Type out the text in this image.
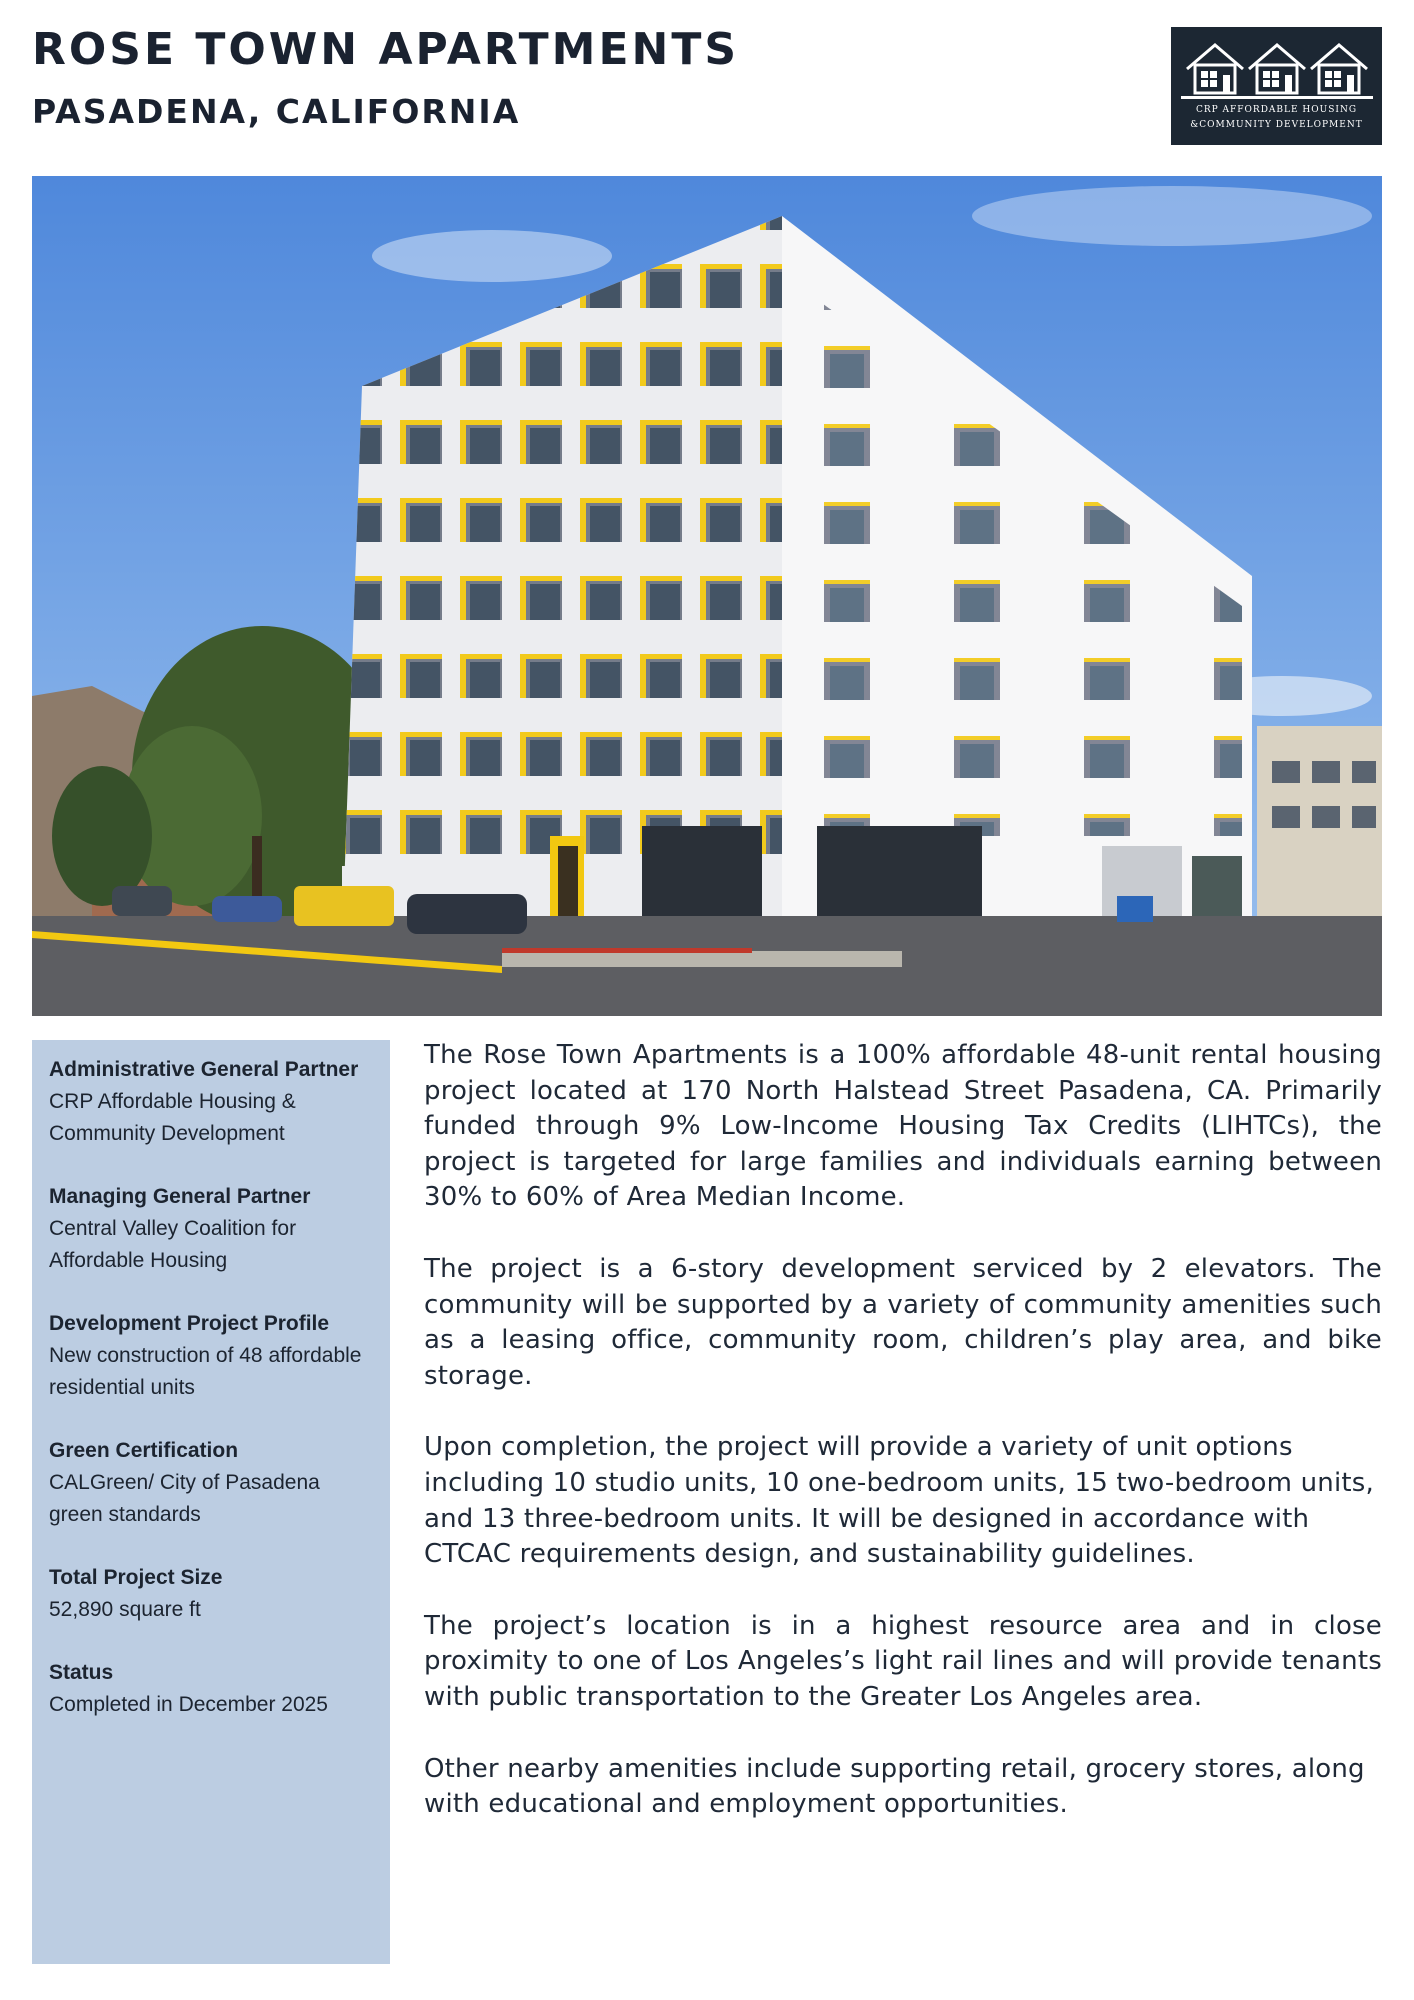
ROSE TOWN APARTMENTS
PASADENA, CALIFORNIA	CRP AFFORDABLE HOUSING
&COMMUNITY DEVELOPMENT
Administrative General Partner
CRP Affordable Housing & Community Development
Managing General Partner
Central Valley Coalition for Affordable Housing
Development Project Profile
New construction of 48 affordable residential units
Green Certification
CALGreen/ City of Pasadena green standards
Total Project Size
52,890 square ft
Status
Completed in December 2025

The Rose Town Apartments is a 100% affordable 48-unit rental housing project located at 170 North Halstead Street Pasadena, CA. Primarily funded through 9% Low-Income Housing Tax Credits (LIHTCs), the project is targeted for large families and individuals earning between 30% to 60% of Area Median Income.

The project is a 6-story development serviced by 2 elevators. The community will be supported by a variety of community amenities such as a leasing office, community room, children’s play area, and bike storage.

Upon completion, the project will provide a variety of unit options including 10 studio units, 10 one-bedroom units, 15 two-bedroom units, and 13 three-bedroom units. It will be designed in accordance with CTCAC requirements design, and sustainability guidelines.

The project’s location is in a highest resource area and in close proximity to one of Los Angeles’s light rail lines and will provide tenants with public transportation to the Greater Los Angeles area.

Other nearby amenities include supporting retail, grocery stores, along with educational and employment opportunities.
